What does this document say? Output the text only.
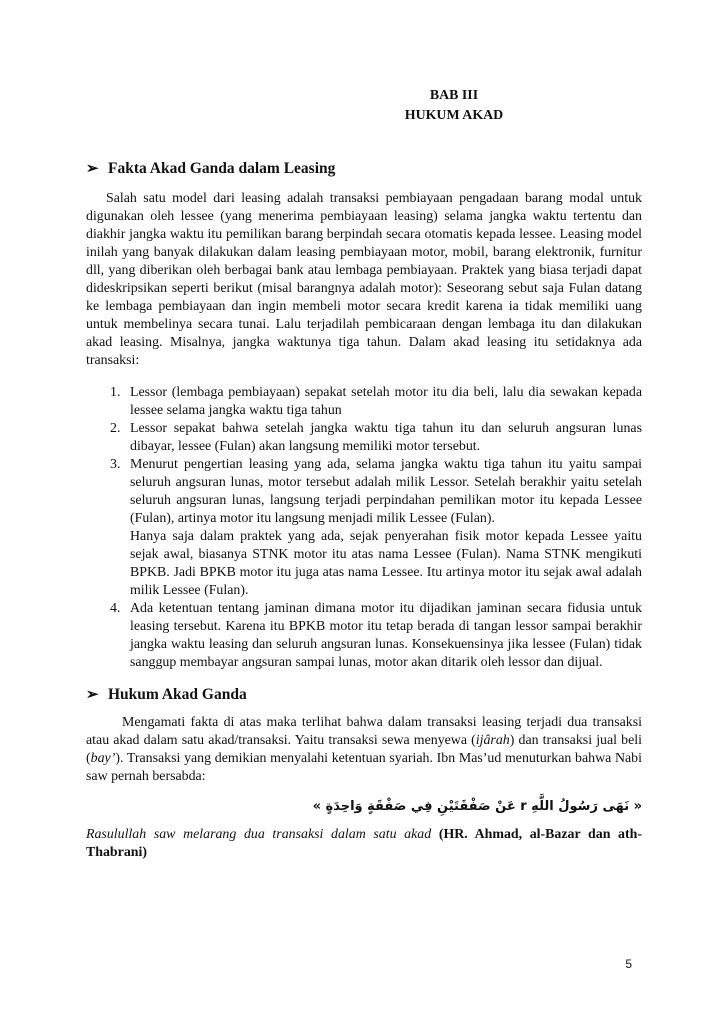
BAB III
HUKUM AKAD
➢ Fakta Akad Ganda dalam Leasing

Salah satu model dari leasing adalah transaksi pembiayaan pengadaan barang modal untuk digunakan oleh lessee (yang menerima pembiayaan leasing) selama jangka waktu tertentu dan diakhir jangka waktu itu pemilikan barang berpindah secara otomatis kepada lessee. Leasing model inilah yang banyak dilakukan dalam leasing pembiayaan motor, mobil, barang elektronik, furnitur dll, yang diberikan oleh berbagai bank atau lembaga pembiayaan. Praktek yang biasa terjadi dapat dideskripsikan seperti berikut (misal barangnya adalah motor): Seseorang sebut saja Fulan datang ke lembaga pembiayaan dan ingin membeli motor secara kredit karena ia tidak memiliki uang untuk membelinya secara tunai. Lalu terjadilah pembicaraan dengan lembaga itu dan dilakukan akad leasing. Misalnya, jangka waktunya tiga tahun. Dalam akad leasing itu setidaknya ada transaksi:

1. Lessor (lembaga pembiayaan) sepakat setelah motor itu dia beli, lalu dia sewakan kepada lessee selama jangka waktu tiga tahun
2. Lessor sepakat bahwa setelah jangka waktu tiga tahun itu dan seluruh angsuran lunas dibayar, lessee (Fulan) akan langsung memiliki motor tersebut.
3. Menurut pengertian leasing yang ada, selama jangka waktu tiga tahun itu yaitu sampai seluruh angsuran lunas, motor tersebut adalah milik Lessor. Setelah berakhir yaitu setelah seluruh angsuran lunas, langsung terjadi perpindahan pemilikan motor itu kepada Lessee (Fulan), artinya motor itu langsung menjadi milik Lessee (Fulan).
Hanya saja dalam praktek yang ada, sejak penyerahan fisik motor kepada Lessee yaitu sejak awal, biasanya STNK motor itu atas nama Lessee (Fulan). Nama STNK mengikuti BPKB. Jadi BPKB motor itu juga atas nama Lessee. Itu artinya motor itu sejak awal adalah milik Lessee (Fulan).
4. Ada ketentuan tentang jaminan dimana motor itu dijadikan jaminan secara fidusia untuk leasing tersebut. Karena itu BPKB motor itu tetap berada di tangan lessor sampai berakhir jangka waktu leasing dan seluruh angsuran lunas. Konsekuensinya jika lessee (Fulan) tidak sanggup membayar angsuran sampai lunas, motor akan ditarik oleh lessor dan dijual.
➢ Hukum Akad Ganda

Mengamati fakta di atas maka terlihat bahwa dalam transaksi leasing terjadi dua transaksi atau akad dalam satu akad/transaksi. Yaitu transaksi sewa menyewa (ijârah) dan transaksi jual beli (bay’). Transaksi yang demikian menyalahi ketentuan syariah. Ibn Mas’ud menuturkan bahwa Nabi saw pernah bersabda:

« نَهَى رَسُولُ اللَّهِ r عَنْ صَفْقَتَيْنِ فِي صَفْقَةٍ وَاحِدَةٍ »

Rasulullah saw melarang dua transaksi dalam satu akad (HR. Ahmad, al-Bazar dan ath-Thabrani)

5
